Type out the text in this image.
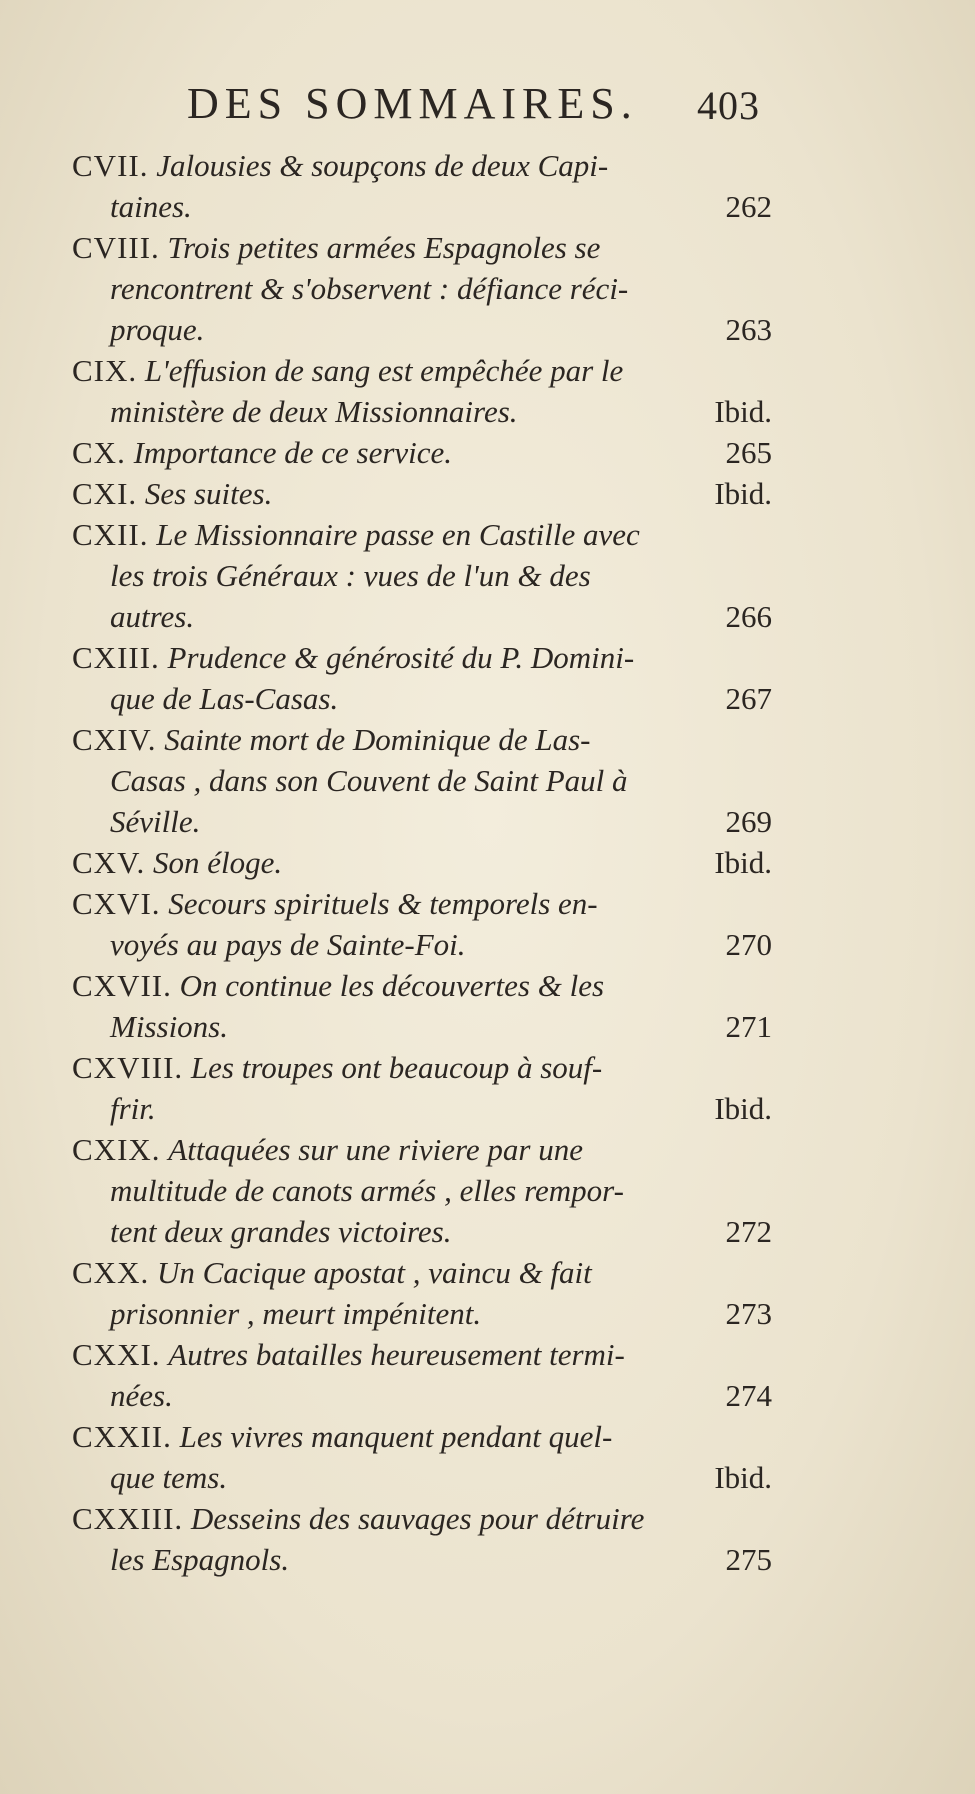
DES SOMMAIRES. 403
CVII. Jalousies & soupçons de deux Capi-
taines.	262
CVIII. Trois petites armées Espagnoles se
rencontrent & s'observent : défiance réci-
proque.	263
CIX. L'effusion de sang est empêchée par le
ministère de deux Missionnaires.	Ibid.
CX. Importance de ce service.	265
CXI. Ses suites.	Ibid.
CXII. Le Missionnaire passe en Castille avec
les trois Généraux : vues de l'un & des
autres.	266
CXIII. Prudence & générosité du P. Domini-
que de Las-Casas.	267
CXIV. Sainte mort de Dominique de Las-
Casas , dans son Couvent de Saint Paul à
Séville.	269
CXV. Son éloge.	Ibid.
CXVI. Secours spirituels & temporels en-
voyés au pays de Sainte-Foi.	270
CXVII. On continue les découvertes & les
Missions.	271
CXVIII. Les troupes ont beaucoup à souf-
frir.	Ibid.
CXIX. Attaquées sur une riviere par une
multitude de canots armés , elles rempor-
tent deux grandes victoires.	272
CXX. Un Cacique apostat , vaincu & fait
prisonnier , meurt impénitent.	273
CXXI. Autres batailles heureusement termi-
nées.	274
CXXII. Les vivres manquent pendant quel-
que tems.	Ibid.
CXXIII. Desseins des sauvages pour détruire
les Espagnols.	275
